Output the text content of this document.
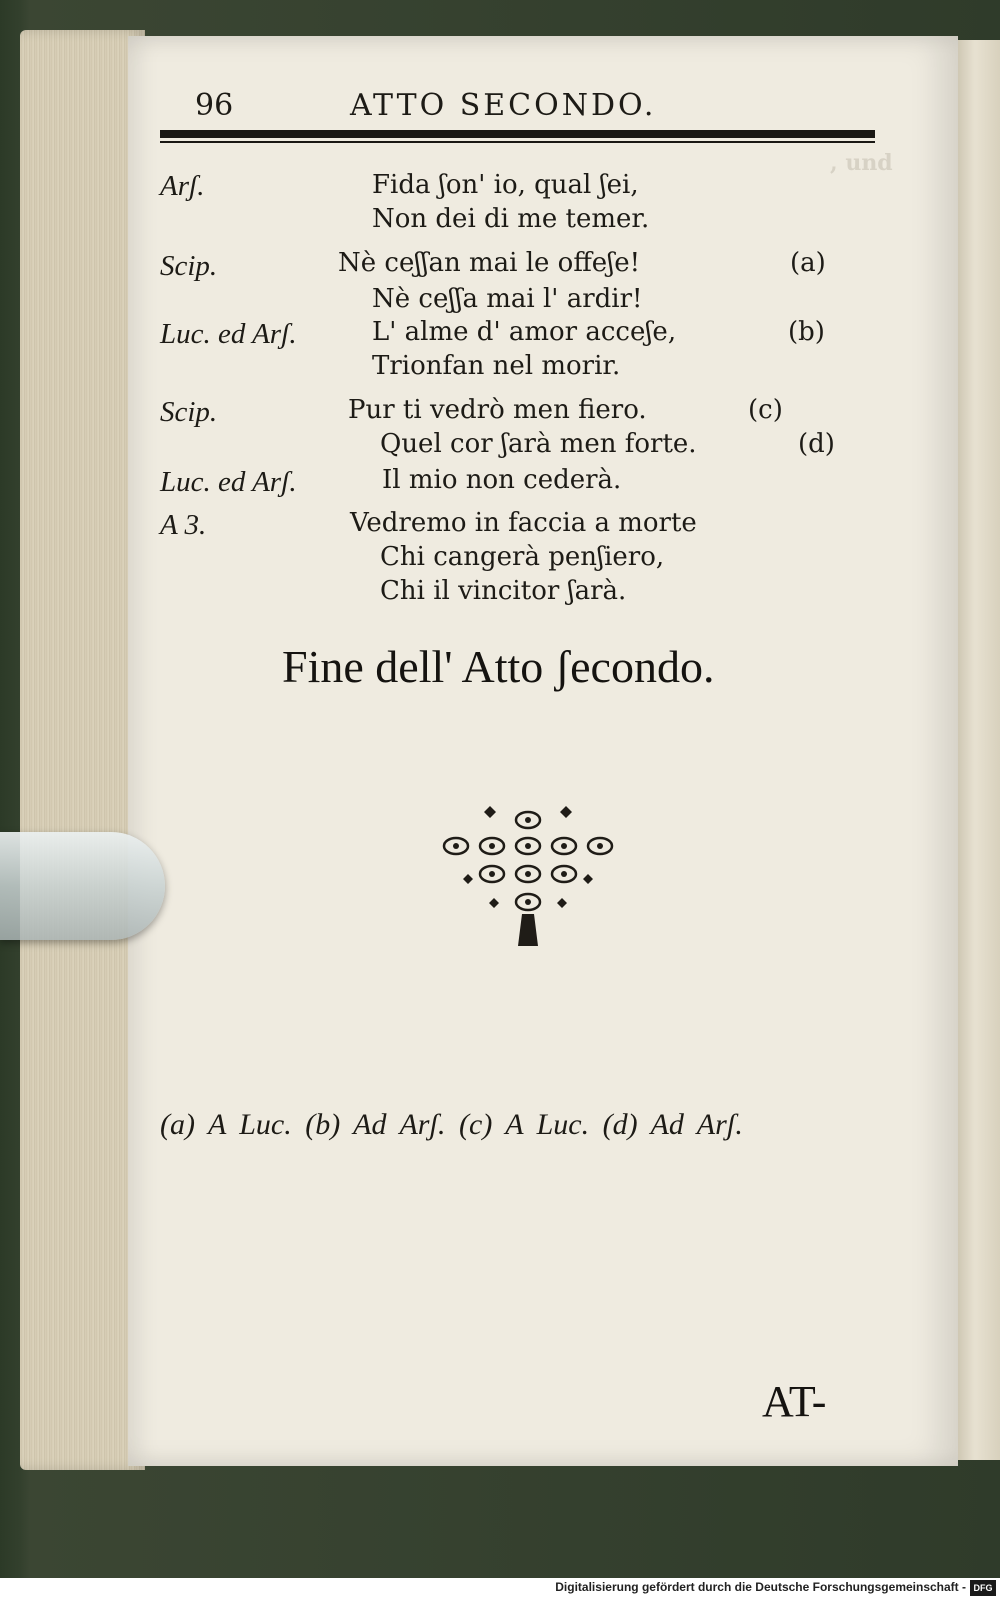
, und
96	ATTO SECONDO.
Arʃ.	Fida ʃon' io, qual ʃei,
Non dei di me temer.
Scip.	Nè ceʃʃan mai le offeʃe!	(a)
Nè ceʃʃa mai l' ardir!
Luc. ed Arʃ.	L' alme d' amor acceʃe,	(b)
Trionfan nel morir.
Scip.	Pur ti vedrò men fiero.	(c)
Quel cor ʃarà men forte.	(d)
Luc. ed Arʃ.	Il mio non cederà.
A 3.	Vedremo in faccia a morte
Chi cangerà penʃiero,
Chi il vincitor ʃarà.
Fine dell' Atto ʃecondo.
(a) A Luc. (b) Ad Arʃ. (c) A Luc. (d) Ad Arʃ.
AT-
Digitalisierung gefördert durch die Deutsche Forschungsgemeinschaft - DFG
